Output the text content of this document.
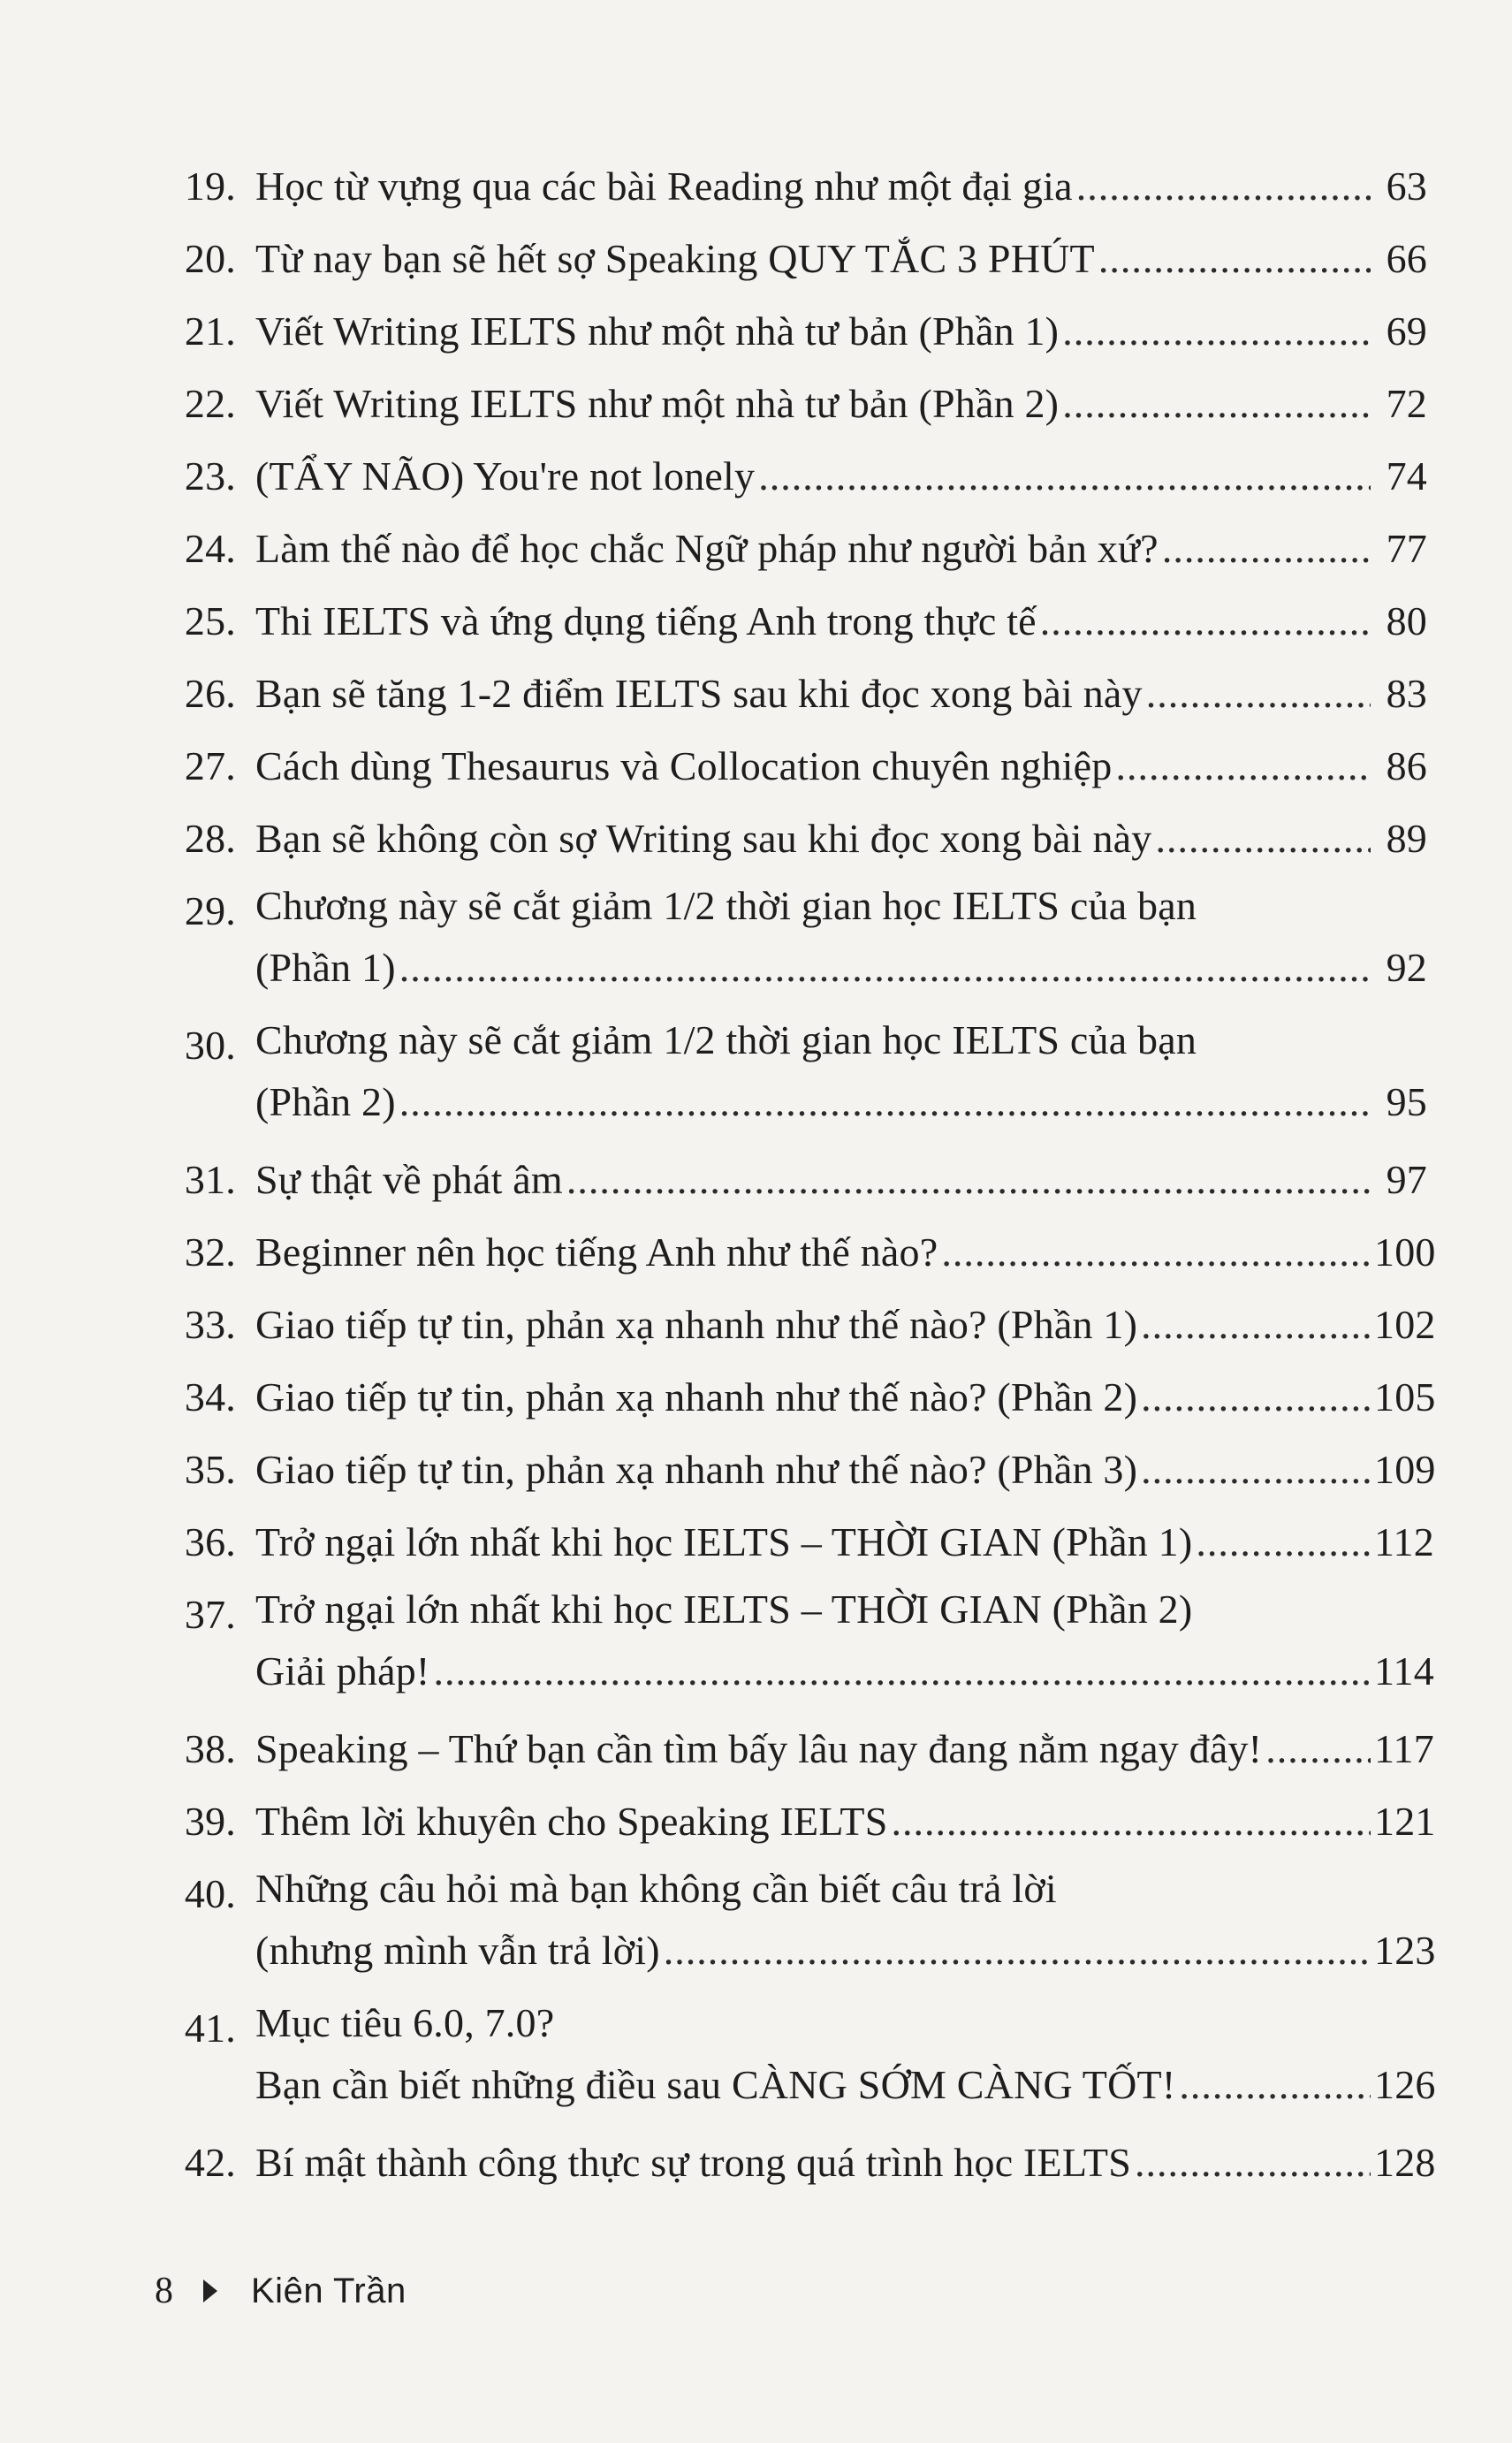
19. Học từ vựng qua các bài Reading như một đại gia .....	63
20. Từ nay bạn sẽ hết sợ Speaking QUY TẮC 3 PHÚT .....	66
21. Viết Writing IELTS như một nhà tư bản (Phần 1) .....	69
22. Viết Writing IELTS như một nhà tư bản (Phần 2) .....	72
23. (TẨY NÃO) You're not lonely .....	74
24. Làm thế nào để học chắc Ngữ pháp như người bản xứ? .....	77
25. Thi IELTS và ứng dụng tiếng Anh trong thực tế .....	80
26. Bạn sẽ tăng 1-2 điểm IELTS sau khi đọc xong bài này .....	83
27. Cách dùng Thesaurus và Collocation chuyên nghiệp .....	86
28. Bạn sẽ không còn sợ Writing sau khi đọc xong bài này .....	89
29. Chương này sẽ cắt giảm 1/2 thời gian học IELTS của bạn
(Phần 1) .....	92
30. Chương này sẽ cắt giảm 1/2 thời gian học IELTS của bạn
(Phần 2) .....	95
31. Sự thật về phát âm .....	97
32. Beginner nên học tiếng Anh như thế nào? .....	100
33. Giao tiếp tự tin, phản xạ nhanh như thế nào? (Phần 1) .....	102
34. Giao tiếp tự tin, phản xạ nhanh như thế nào? (Phần 2) .....	105
35. Giao tiếp tự tin, phản xạ nhanh như thế nào? (Phần 3) .....	109
36. Trở ngại lớn nhất khi học IELTS – THỜI GIAN (Phần 1) .....	112
37. Trở ngại lớn nhất khi học IELTS – THỜI GIAN (Phần 2)
Giải pháp! .....	114
38. Speaking – Thứ bạn cần tìm bấy lâu nay đang nằm ngay đây! .....	117
39. Thêm lời khuyên cho Speaking IELTS .....	121
40. Những câu hỏi mà bạn không cần biết câu trả lời
(nhưng mình vẫn trả lời) .....	123
41. Mục tiêu 6.0, 7.0?
Bạn cần biết những điều sau CÀNG SỚM CÀNG TỐT! .....	126
42. Bí mật thành công thực sự trong quá trình học IELTS .....	128
8 Kiên Trần
